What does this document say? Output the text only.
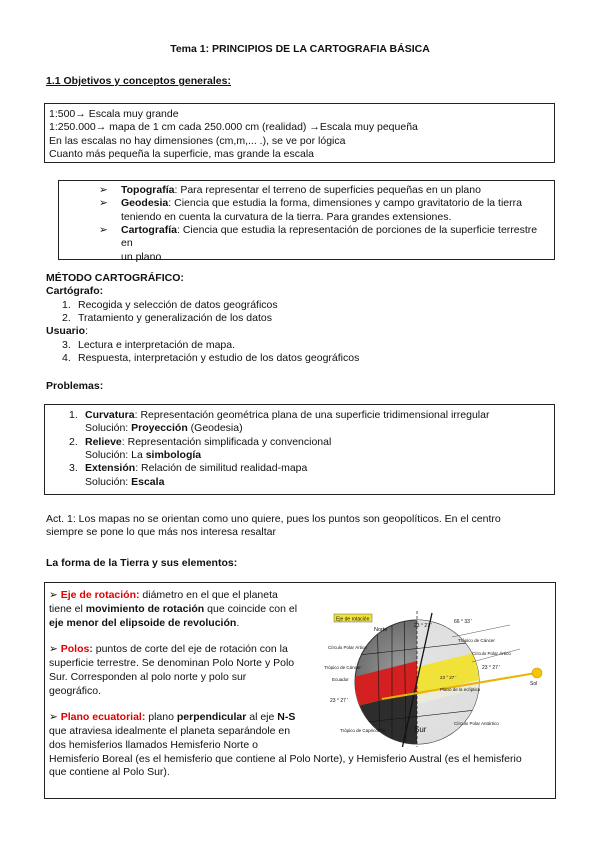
Tema 1: PRINCIPIOS DE LA CARTOGRAFIA BÁSICA
1.1 Objetivos y conceptos generales:
1:500→ Escala muy grande
1:250.000→ mapa de 1 cm cada 250.000 cm (realidad) →Escala muy pequeña
En las escalas no hay dimensiones (cm,m,... .), se ve por lógica
Cuanto más pequeña la superficie, mas grande la escala
➢ Topografía: Para representar el terreno de superficies pequeñas en un plano
➢ Geodesia: Ciencia que estudia la forma, dimensiones y campo gravitatorio de la tierra
teniendo en cuenta la curvatura de la tierra. Para grandes extensiones.
➢ Cartografía: Ciencia que estudia la representación de porciones de la superficie terrestre en
un plano
MÉTODO CARTOGRÁFICO:
Cartógrafo:
1. Recogida y selección de datos geográficos
2. Tratamiento y generalización de los datos
Usuario:
3. Lectura e interpretación de mapa.
4. Respuesta, interpretación y estudio de los datos geográficos
Problemas:
1. Curvatura: Representación geométrica plana de una superficie tridimensional irregular
Solución: Proyección (Geodesia)
2. Relieve: Representación simplificada y convencional
Solución: La simbología
3. Extensión: Relación de similitud realidad-mapa
Solución: Escala
Act. 1: Los mapas no se orientan como uno quiere, pues los puntos son geopolíticos. En el centro
siempre se pone lo que más nos interesa resaltar
La forma de la Tierra y sus elementos:
➢ Eje de rotación: diámetro en el que el planeta
tiene el movimiento de rotación que coincide con el
eje menor del elipsoide de revolución.
➢ Polos: puntos de corte del eje de rotación con la
superficie terrestre. Se denominan Polo Norte y Polo
Sur. Corresponden al polo norte y polo sur
geográfico.
➢ Plano ecuatorial: plano perpendicular al eje N-S
que atraviesa idealmente el planeta separándole en
dos hemisferios llamados Hemisferio Norte o
Hemisferio Boreal (es el hemisferio que contiene al Polo Norte), y Hemisferio Austral (es el hemisferio
que contiene al Polo Sur).
Eje de rotación
Norte
Círculo Polar Ártico
Trópico de Cáncer
Ecuador
23 ° 27 '
Trópico de Capricornio	Sur
23 ° 27 '
66 ° 33 '
Trópico de Cáncer
Círculo Polar Ártico
23 ° 27 '
23 ° 27 '
Plano de la eclíptica
Círculo Polar Antártico
Sol
